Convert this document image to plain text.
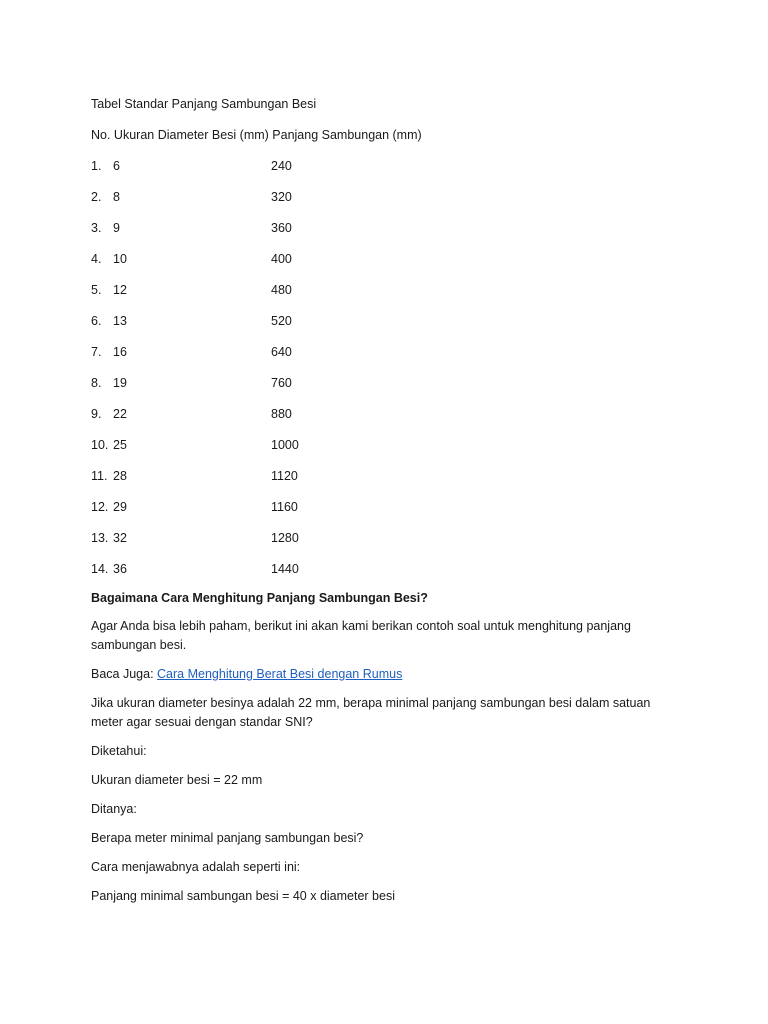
Tabel Standar Panjang Sambungan Besi
No. Ukuran Diameter Besi (mm) Panjang Sambungan (mm)
1. 6	240
2. 8	320
3. 9	360
4. 10	400
5. 12	480
6. 13	520
7. 16	640
8. 19	760
9. 22	880
10. 25	1000
11. 28	1120
12. 29	1160
13. 32	1280
14. 36	1440
Bagaimana Cara Menghitung Panjang Sambungan Besi?
Agar Anda bisa lebih paham, berikut ini akan kami berikan contoh soal untuk menghitung panjang sambungan besi.
Baca Juga: Cara Menghitung Berat Besi dengan Rumus
Jika ukuran diameter besinya adalah 22 mm, berapa minimal panjang sambungan besi dalam satuan meter agar sesuai dengan standar SNI?
Diketahui:
Ukuran diameter besi = 22 mm
Ditanya:
Berapa meter minimal panjang sambungan besi?
Cara menjawabnya adalah seperti ini:
Panjang minimal sambungan besi = 40 x diameter besi
